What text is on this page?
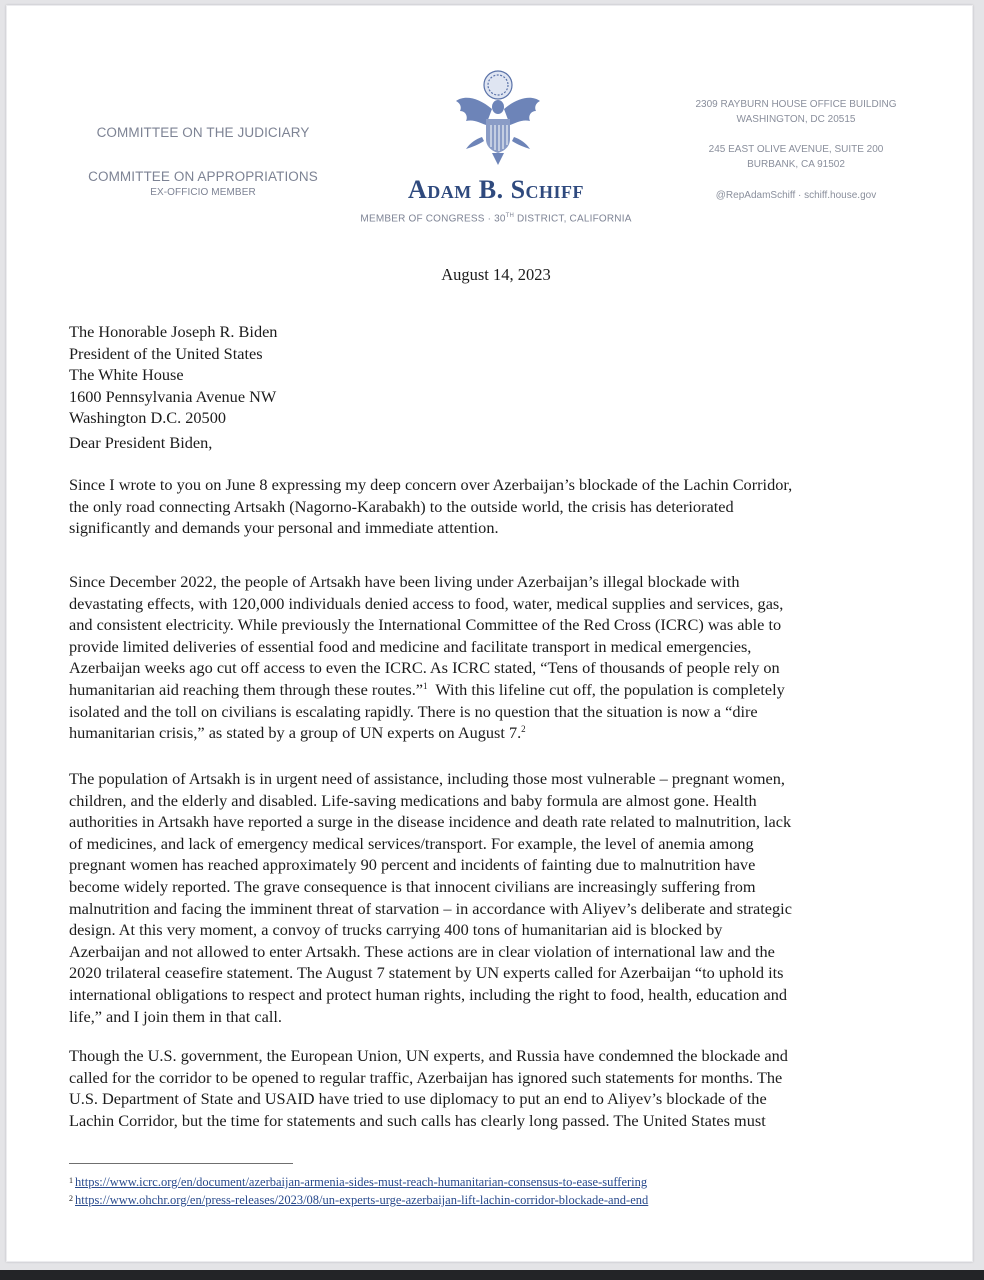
COMMITTEE ON THE JUDICIARY
COMMITTEE ON APPROPRIATIONS
EX-OFFICIO MEMBER	Adam B. Schiff
MEMBER OF CONGRESS · 30TH DISTRICT, CALIFORNIA
2309 RAYBURN HOUSE OFFICE BUILDING
WASHINGTON, DC 20515
245 EAST OLIVE AVENUE, SUITE 200
BURBANK, CA 91502
@RepAdamSchiff · schiff.house.gov
August 14, 2023
The Honorable Joseph R. Biden
President of the United States
The White House
1600 Pennsylvania Avenue NW
Washington D.C. 20500
Dear President Biden,
Since I wrote to you on June 8 expressing my deep concern over Azerbaijan’s blockade of the Lachin Corridor,
the only road connecting Artsakh (Nagorno-Karabakh) to the outside world, the crisis has deteriorated
significantly and demands your personal and immediate attention.
Since December 2022, the people of Artsakh have been living under Azerbaijan’s illegal blockade with
devastating effects, with 120,000 individuals denied access to food, water, medical supplies and services, gas,
and consistent electricity. While previously the International Committee of the Red Cross (ICRC) was able to
provide limited deliveries of essential food and medicine and facilitate transport in medical emergencies,
Azerbaijan weeks ago cut off access to even the ICRC. As ICRC stated, “Tens of thousands of people rely on
humanitarian aid reaching them through these routes.”$^1$  With this lifeline cut off, the population is completely
isolated and the toll on civilians is escalating rapidly. There is no question that the situation is now a “dire
humanitarian crisis,” as stated by a group of UN experts on August 7.$^2$
The population of Artsakh is in urgent need of assistance, including those most vulnerable – pregnant women,
children, and the elderly and disabled. Life-saving medications and baby formula are almost gone. Health
authorities in Artsakh have reported a surge in the disease incidence and death rate related to malnutrition, lack
of medicines, and lack of emergency medical services/transport. For example, the level of anemia among
pregnant women has reached approximately 90 percent and incidents of fainting due to malnutrition have
become widely reported. The grave consequence is that innocent civilians are increasingly suffering from
malnutrition and facing the imminent threat of starvation – in accordance with Aliyev’s deliberate and strategic
design. At this very moment, a convoy of trucks carrying 400 tons of humanitarian aid is blocked by
Azerbaijan and not allowed to enter Artsakh. These actions are in clear violation of international law and the
2020 trilateral ceasefire statement. The August 7 statement by UN experts called for Azerbaijan “to uphold its
international obligations to respect and protect human rights, including the right to food, health, education and
life,” and I join them in that call.
Though the U.S. government, the European Union, UN experts, and Russia have condemned the blockade and
called for the corridor to be opened to regular traffic, Azerbaijan has ignored such statements for months. The
U.S. Department of State and USAID have tried to use diplomacy to put an end to Aliyev’s blockade of the
Lachin Corridor, but the time for statements and such calls has clearly long passed. The United States must
$^1$ https://www.icrc.org/en/document/azerbaijan-armenia-sides-must-reach-humanitarian-consensus-to-ease-suffering
$^2$ https://www.ohchr.org/en/press-releases/2023/08/un-experts-urge-azerbaijan-lift-lachin-corridor-blockade-and-end
